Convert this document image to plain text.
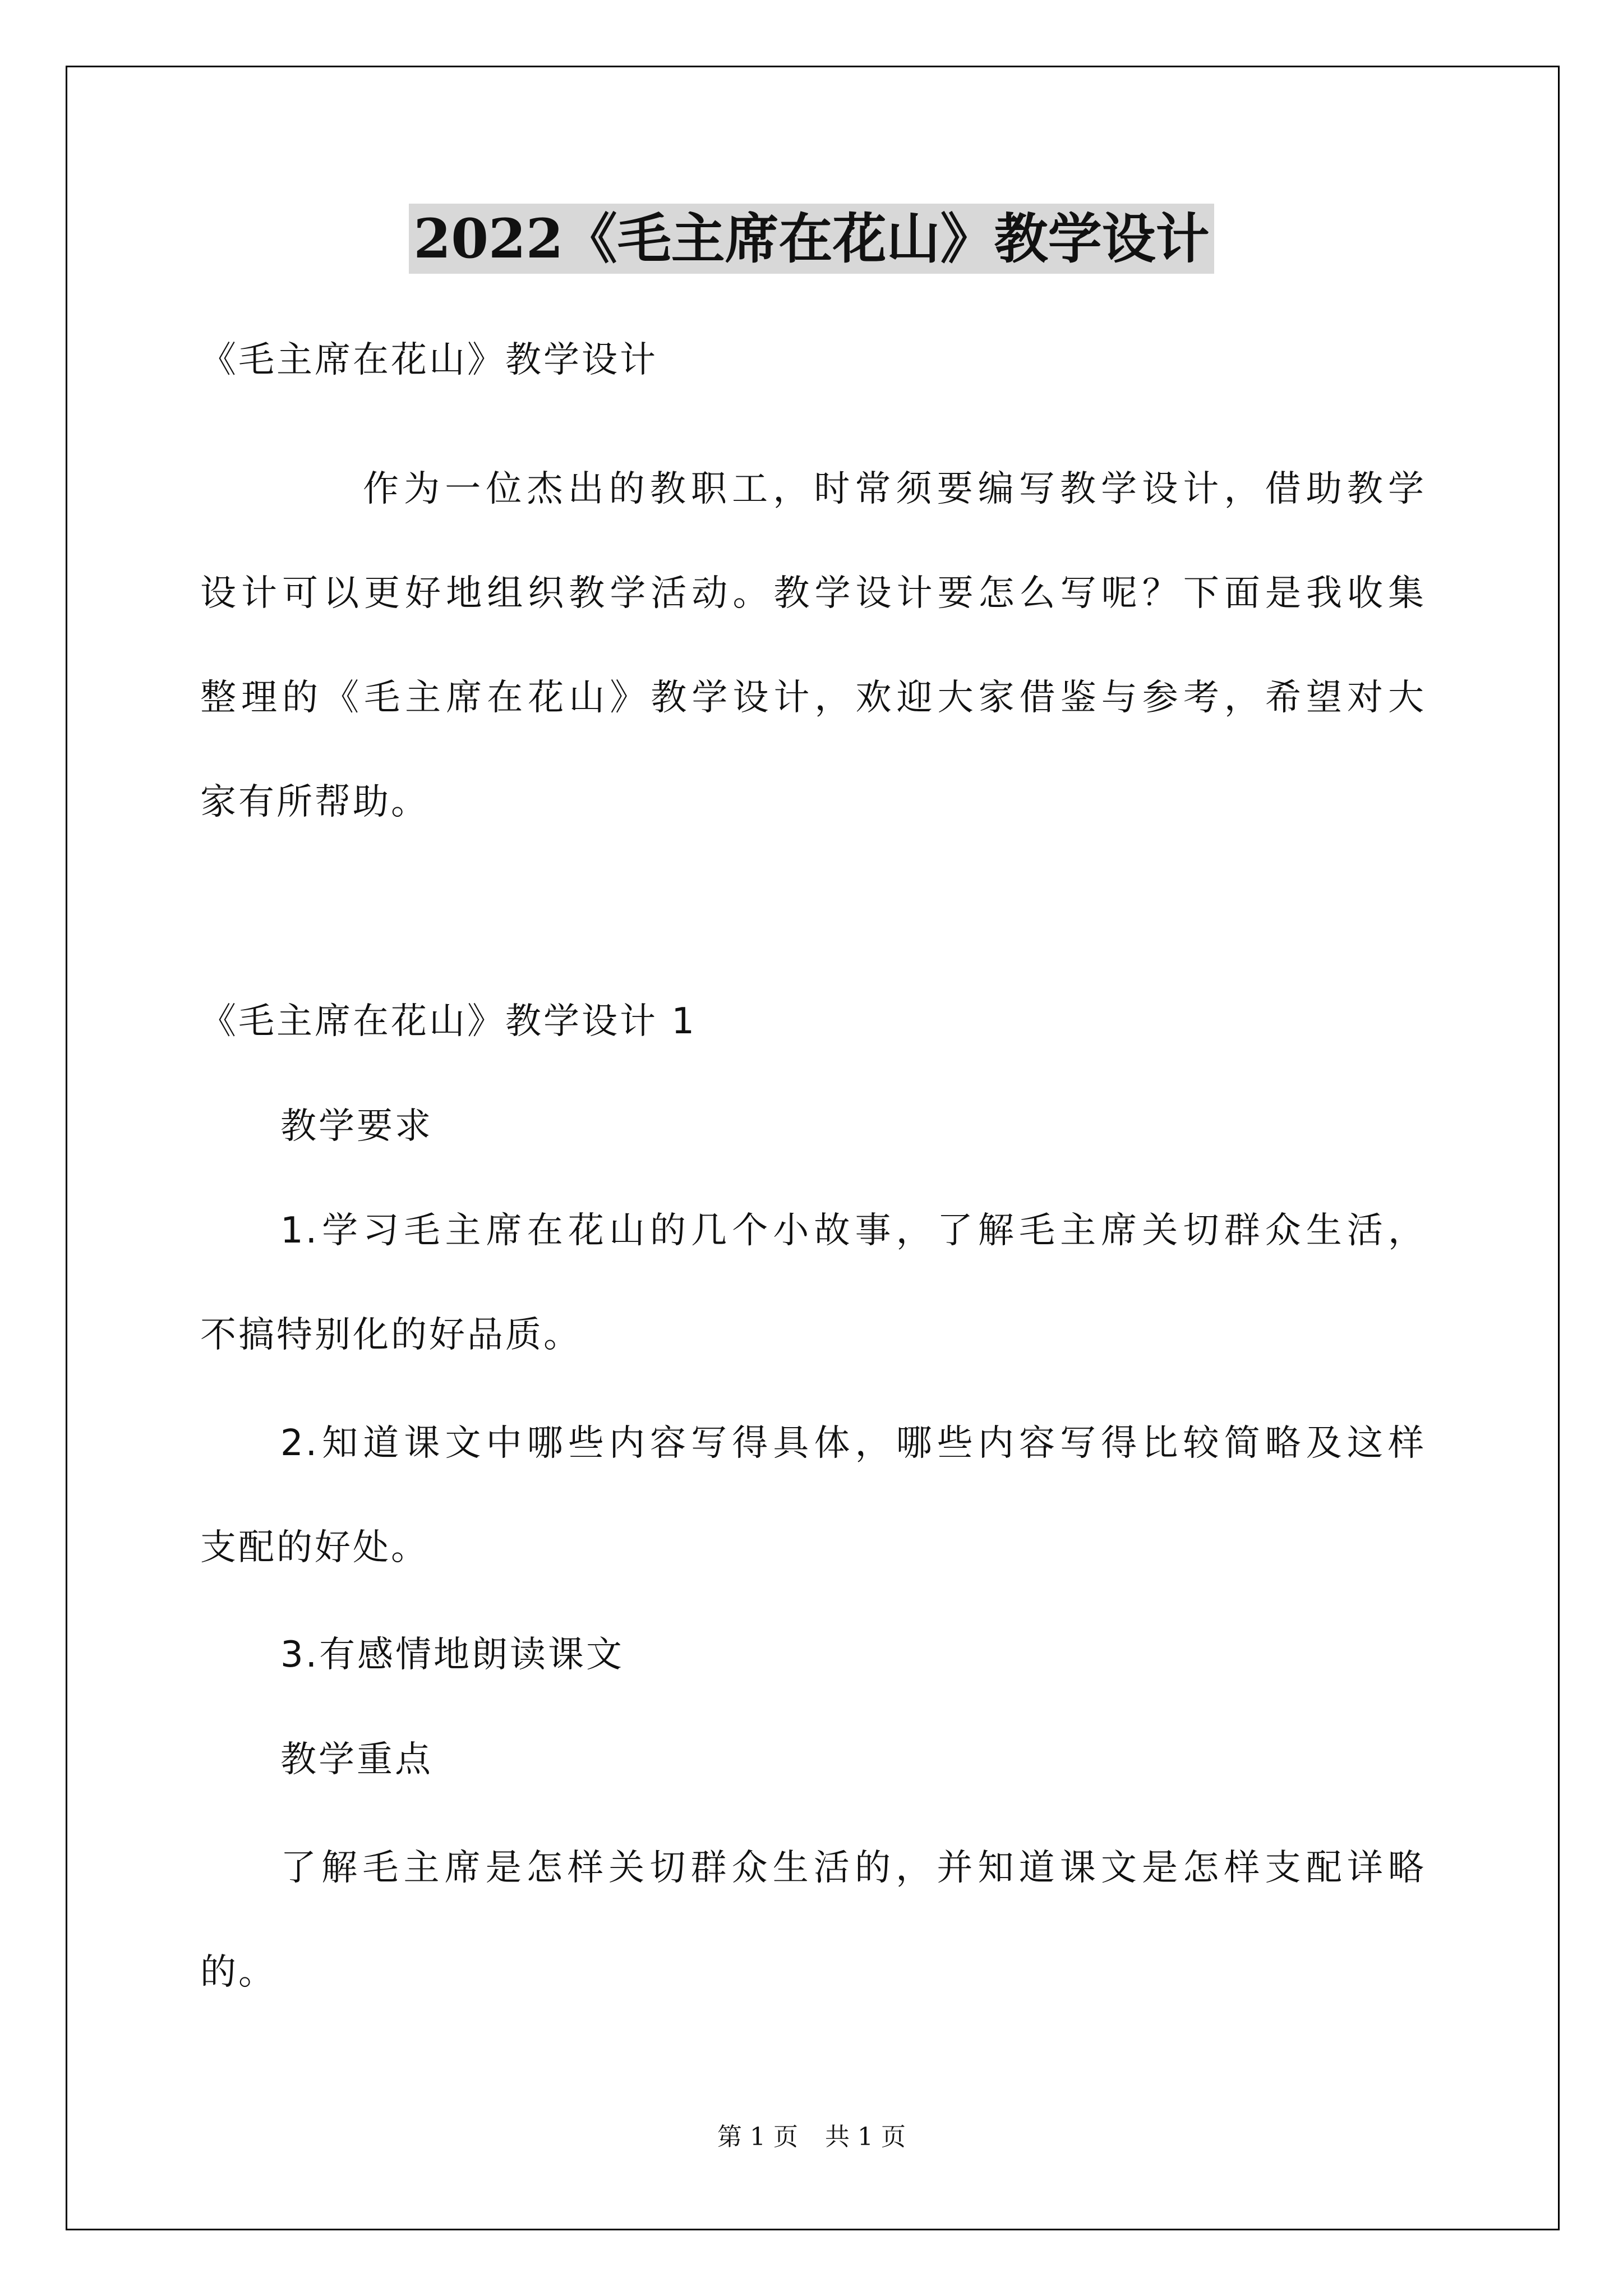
2022《毛主席在花山》教学设计
《毛主席在花山》教学设计
作为一位杰出的教职工，时常须要编写教学设计，借助教学
设计可以更好地组织教学活动。教学设计要怎么写呢？下面是我收集
整理的《毛主席在花山》教学设计，欢迎大家借鉴与参考，希望对大
家有所帮助。
《毛主席在花山》教学设计 1
教学要求
1.学习毛主席在花山的几个小故事，了解毛主席关切群众生活，
不搞特别化的好品质。
2.知道课文中哪些内容写得具体，哪些内容写得比较简略及这样
支配的好处。
3.有感情地朗读课文
教学重点
了解毛主席是怎样关切群众生活的，并知道课文是怎样支配详略
的。
第 1 页 共 1 页
